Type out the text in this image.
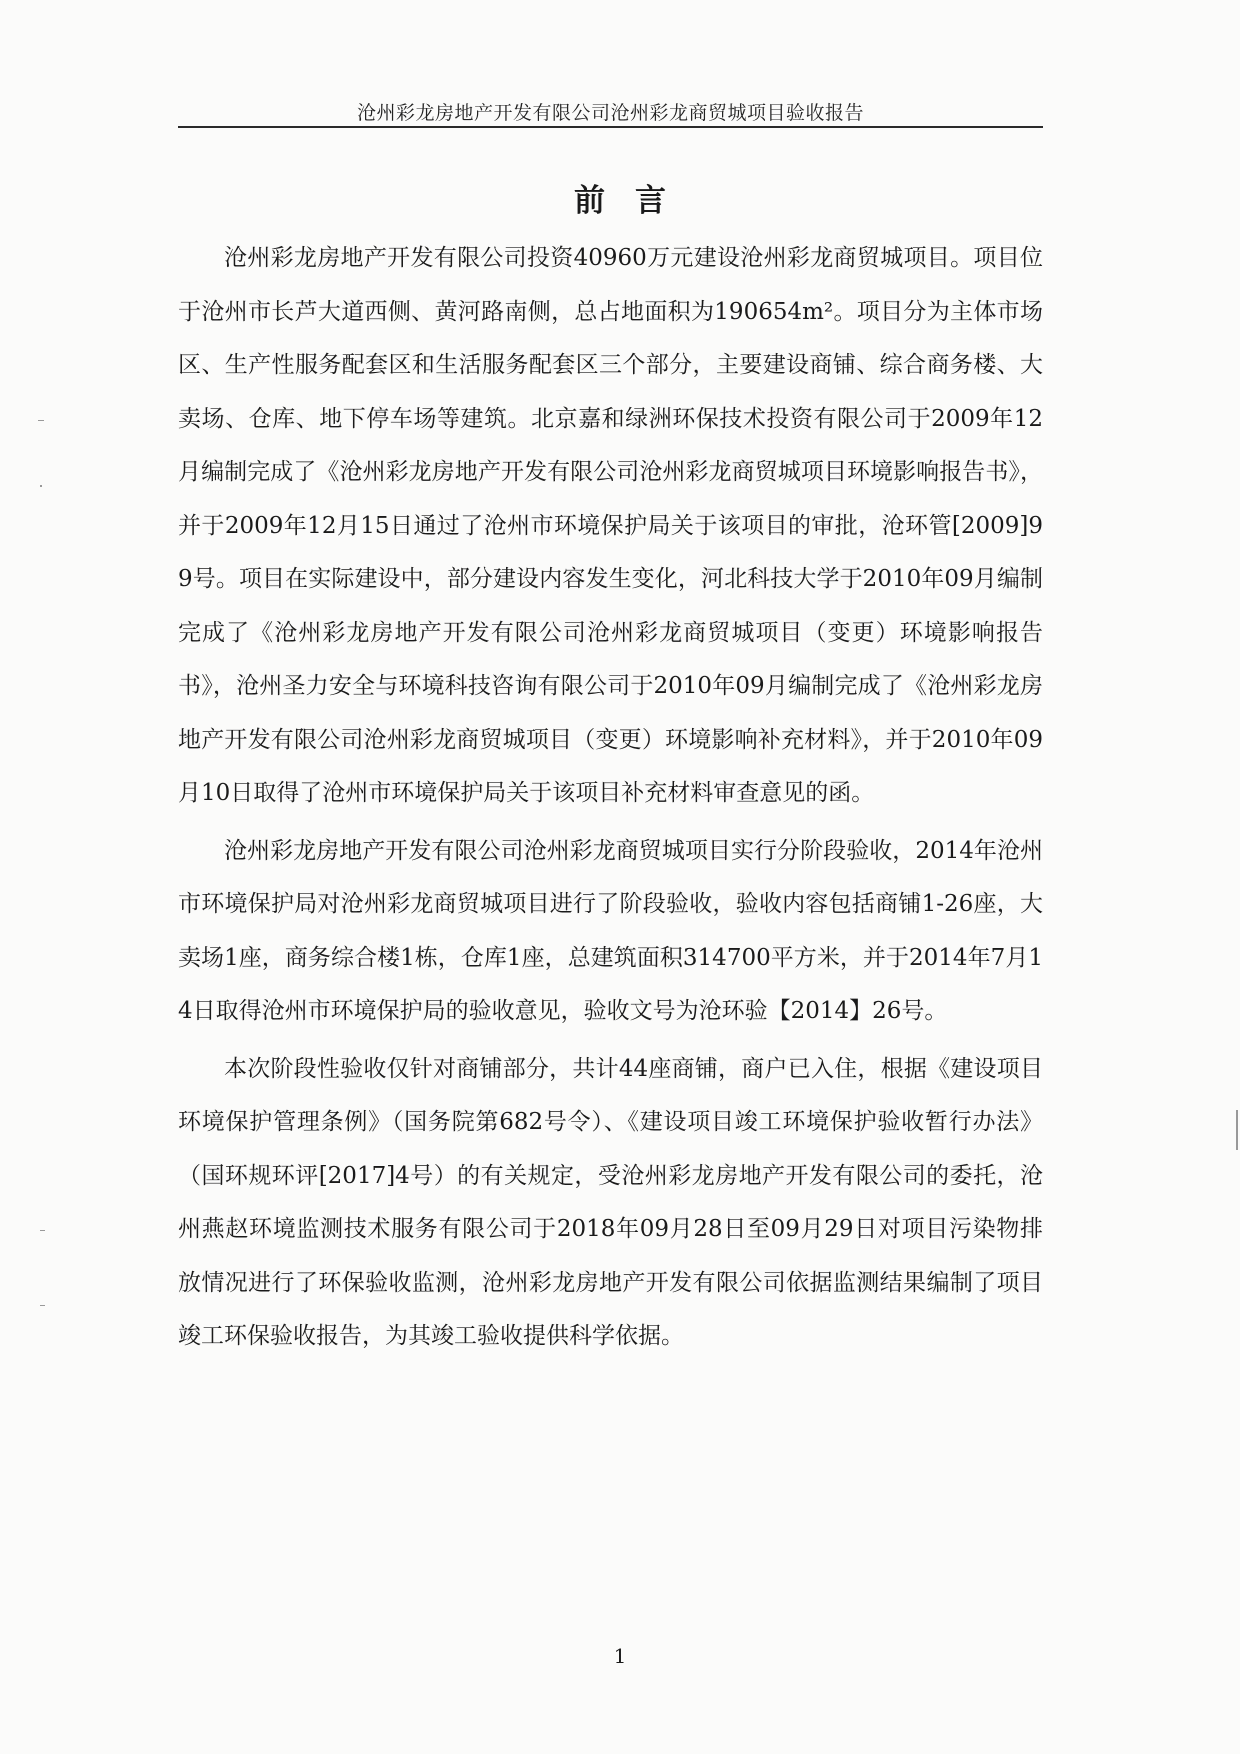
沧州彩龙房地产开发有限公司沧州彩龙商贸城项目验收报告
前言

沧州彩龙房地产开发有限公司投资40960万元建设沧州彩龙商贸城项目。项目位于沧州市长芦大道西侧、黄河路南侧，总占地面积为190654m²。项目分为主体市场区、生产性服务配套区和生活服务配套区三个部分，主要建设商铺、综合商务楼、大卖场、仓库、地下停车场等建筑。北京嘉和绿洲环保技术投资有限公司于2009年12月编制完成了《沧州彩龙房地产开发有限公司沧州彩龙商贸城项目环境影响报告书》，并于2009年12月15日通过了沧州市环境保护局关于该项目的审批，沧环管[2009]99号。项目在实际建设中，部分建设内容发生变化，河北科技大学于2010年09月编制完成了《沧州彩龙房地产开发有限公司沧州彩龙商贸城项目（变更）环境影响报告书》，沧州圣力安全与环境科技咨询有限公司于2010年09月编制完成了《沧州彩龙房地产开发有限公司沧州彩龙商贸城项目（变更）环境影响补充材料》，并于2010年09月10日取得了沧州市环境保护局关于该项目补充材料审查意见的函。

沧州彩龙房地产开发有限公司沧州彩龙商贸城项目实行分阶段验收，2014年沧州市环境保护局对沧州彩龙商贸城项目进行了阶段验收，验收内容包括商铺1-26座，大卖场1座，商务综合楼1栋，仓库1座，总建筑面积314700平方米，并于2014年7月14日取得沧州市环境保护局的验收意见，验收文号为沧环验【2014】26号。

本次阶段性验收仅针对商铺部分，共计44座商铺，商户已入住，根据《建设项目环境保护管理条例》（国务院第682号令）、《建设项目竣工环境保护验收暂行办法》（国环规环评[2017]4号）的有关规定，受沧州彩龙房地产开发有限公司的委托，沧州燕赵环境监测技术服务有限公司于2018年09月28日至09月29日对项目污染物排放情况进行了环保验收监测，沧州彩龙房地产开发有限公司依据监测结果编制了项目竣工环保验收报告，为其竣工验收提供科学依据。

1
